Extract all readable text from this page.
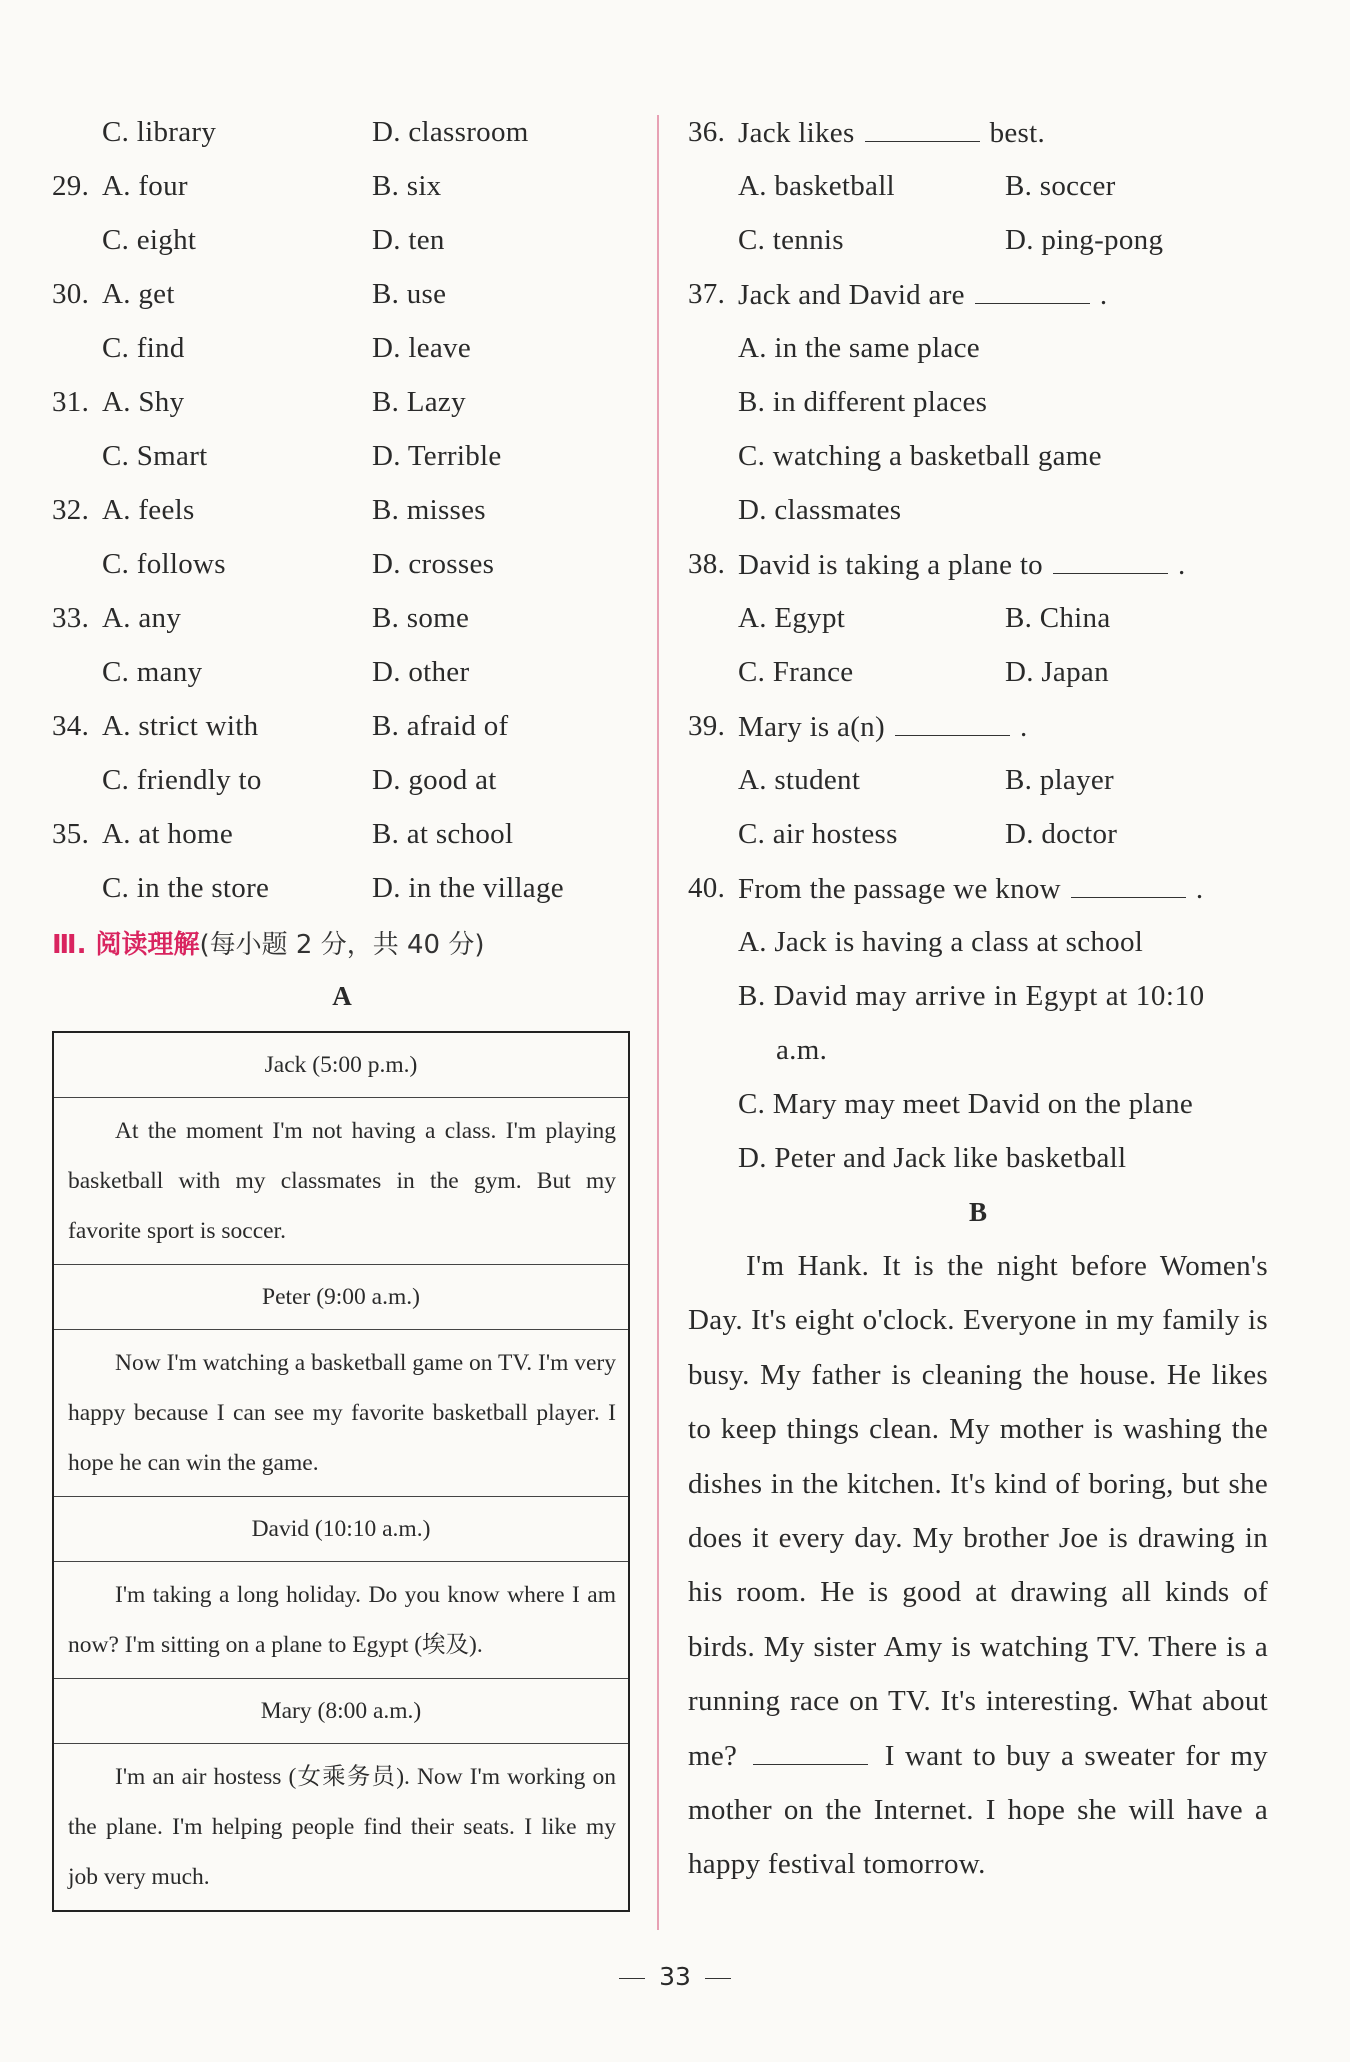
C. library	D. classroom
29. A. four	B. six
C. eight	D. ten
30. A. get	B. use
C. find	D. leave
31. A. Shy	B. Lazy
C. Smart	D. Terrible
32. A. feels	B. misses
C. follows	D. crosses
33. A. any	B. some
C. many	D. other
34. A. strict with	B. afraid of
C. friendly to	D. good at
35. A. at home	B. at school
C. in the store	D. in the village
Ⅲ. 阅读理解 (每小题 2 分，共 40 分)
A
Jack (5:00 p.m.)

At the moment I'm not having a class. I'm playing basketball with my classmates in the gym. But my favorite sport is soccer.

Peter (9:00 a.m.)

Now I'm watching a basketball game on TV. I'm very happy because I can see my favorite basketball player. I hope he can win the game.

David (10:10 a.m.)

I'm taking a long holiday. Do you know where I am now? I'm sitting on a plane to Egypt (埃及).

Mary (8:00 a.m.)

I'm an air hostess (女乘务员). Now I'm working on the plane. I'm helping people find their seats. I like my job very much.
36. Jack likes	best.
A. basketball	B. soccer
C. tennis	D. ping-pong
37. Jack and David are	.
A. in the same place
B. in different places
C. watching a basketball game
D. classmates
38. David is taking a plane to	.
A. Egypt	B. China
C. France	D. Japan
39. Mary is a(n)	.
A. student	B. player
C. air hostess	D. doctor
40. From the passage we know	.
A. Jack is having a class at school
B. David may arrive in Egypt at 10:10
a.m.
C. Mary may meet David on the plane
D. Peter and Jack like basketball
B
I'm Hank. It is the night before Women's Day. It's eight o'clock. Everyone in my family is busy. My father is cleaning the house. He likes to keep things clean. My mother is washing the dishes in the kitchen. It's kind of boring, but she does it every day. My brother Joe is drawing in his room. He is good at drawing all kinds of birds. My sister Amy is watching TV. There is a running race on TV. It's interesting. What about me?	I want to buy a sweater for my mother on the Internet. I hope she will have a happy festival tomorrow.
33
